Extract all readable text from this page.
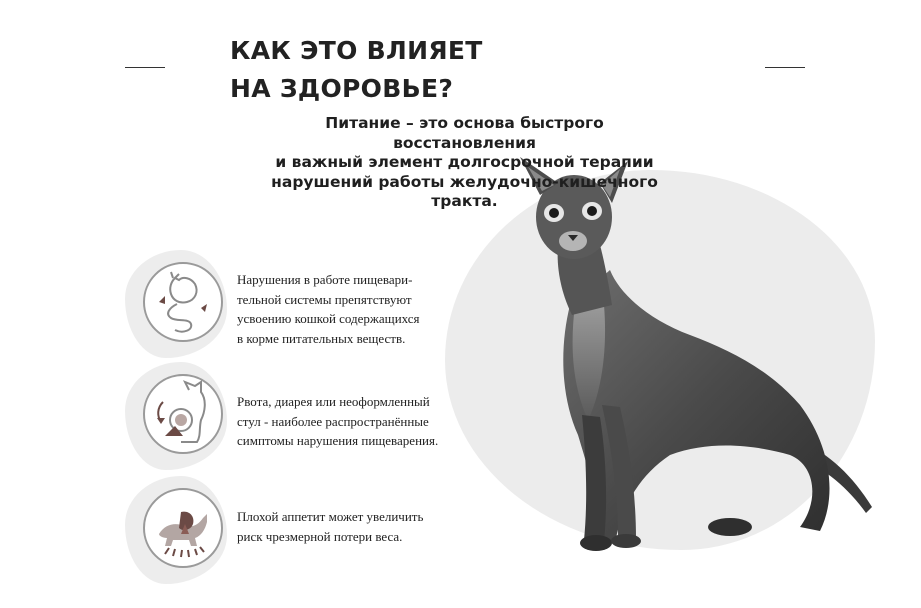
КАК ЭТО ВЛИЯЕТ
НА ЗДОРОВЬЕ?

Питание – это основа быстрого восстановления
и важный элемент долгосрочной терапии
нарушений работы желудочно-кишечного
тракта.

Нарушения в работе пищевари-
тельной системы препятствуют
усвоению кошкой содержащихся
в корме питательных веществ.

Рвота, диарея или неоформленный
стул - наиболее распространённые
симптомы нарушения пищеварения.

Плохой аппетит может увеличить
риск чрезмерной потери веса.
